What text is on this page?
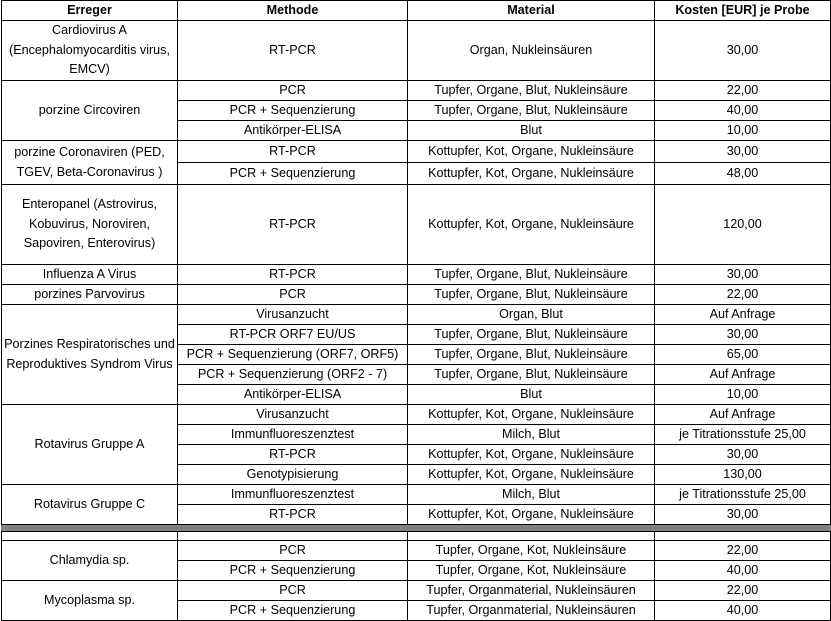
Erreger	Methode	Material	Kosten [EUR] je Probe
Cardiovirus A (Encephalomyocarditis virus, EMCV)	RT-PCR	Organ, Nukleinsäuren	30,00
porzine Circoviren	PCR	Tupfer, Organe, Blut, Nukleinsäure	22,00
	PCR + Sequenzierung	Tupfer, Organe, Blut, Nukleinsäure	40,00
	Antikörper-ELISA	Blut	10,00
porzine Coronaviren (PED, TGEV, Beta-Coronavirus )	RT-PCR	Kottupfer, Kot, Organe, Nukleinsäure	30,00
	PCR + Sequenzierung	Kottupfer, Kot, Organe, Nukleinsäure	48,00
Enteropanel (Astrovirus, Kobuvirus, Noroviren, Sapoviren, Enterovirus)	RT-PCR	Kottupfer, Kot, Organe, Nukleinsäure	120,00
Influenza A Virus	RT-PCR	Tupfer, Organe, Blut, Nukleinsäure	30,00
porzines Parvovirus	PCR	Tupfer, Organe, Blut, Nukleinsäure	22,00
Porzines Respiratorisches und Reproduktives Syndrom Virus	Virusanzucht	Organ, Blut	Auf Anfrage
	RT-PCR ORF7 EU/US	Tupfer, Organe, Blut, Nukleinsäure	30,00
	PCR + Sequenzierung (ORF7, ORF5)	Tupfer, Organe, Blut, Nukleinsäure	65,00
	PCR + Sequenzierung (ORF2 - 7)	Tupfer, Organe, Blut, Nukleinsäure	Auf Anfrage
	Antikörper-ELISA	Blut	10,00
Rotavirus Gruppe A	Virusanzucht	Kottupfer, Kot, Organe, Nukleinsäure	Auf Anfrage
	Immunfluoreszenztest	Milch, Blut	je Titrationsstufe 25,00
	RT-PCR	Kottupfer, Kot, Organe, Nukleinsäure	30,00
	Genotypisierung	Kottupfer, Kot, Organe, Nukleinsäure	130,00
Rotavirus Gruppe C	Immunfluoreszenztest	Milch, Blut	je Titrationsstufe 25,00
	RT-PCR	Kottupfer, Kot, Organe, Nukleinsäure	30,00

Chlamydia sp.	PCR	Tupfer, Organe, Kot, Nukleinsäure	22,00
	PCR + Sequenzierung	Tupfer, Organe, Kot, Nukleinsäure	40,00
Mycoplasma sp.	PCR	Tupfer, Organmaterial, Nukleinsäuren	22,00
	PCR + Sequenzierung	Tupfer, Organmaterial, Nukleinsäuren	40,00
